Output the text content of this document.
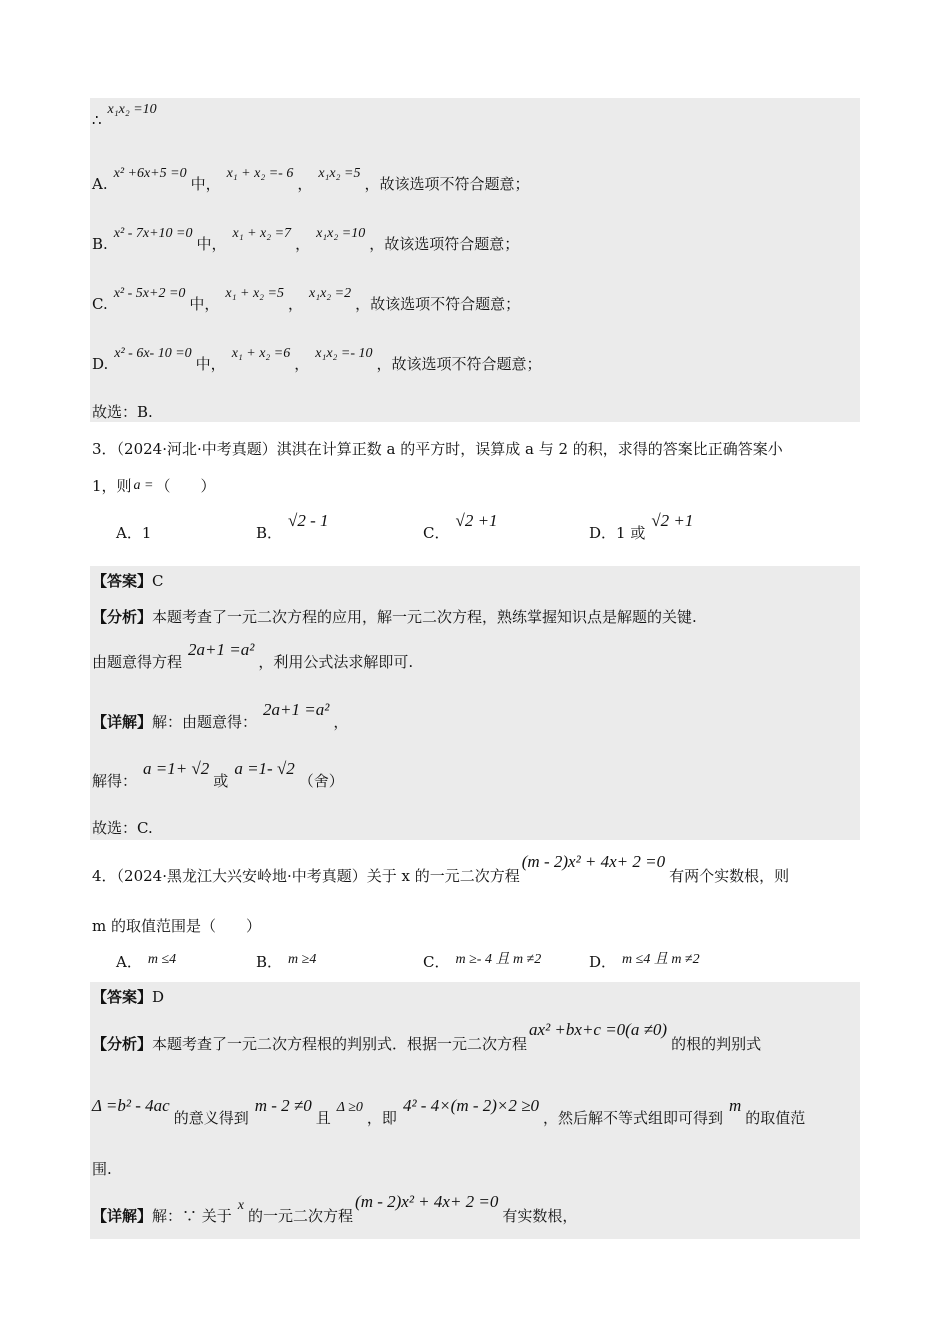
∴x₁x₂ =10
A.x² +6x+5 =0中，x₁ + x₂ =- 6，x₁x₂ =5，故该选项不符合题意；
B.x² - 7x+10 =0中，x₁ + x₂ =7，x₁x₂ =10，故该选项符合题意；
C.x² - 5x+2 =0中，x₁ + x₂ =5，x₁x₂ =2，故该选项不符合题意；
D.x² - 6x- 10 =0中，x₁ + x₂ =6，x₁x₂ =- 10，故该选项不符合题意；
故选：B.
3．（2024·河北·中考真题）淇淇在计算正数 a 的平方时，误算成 a 与 2 的积，求得的答案比正确答案小
1，则 a = （　　）
A．1	B．√2 - 1
C．√2 +1
D．1 或√2 +1
【答案】C
【分析】本题考查了一元二次方程的应用，解一元二次方程，熟练掌握知识点是解题的关键.
由题意得方程2a+1 =a²，利用公式法求解即可.
【详解】解：由题意得：2a+1 =a²，
解得：a =1+ √2或a =1- √2（舍）
故选：C.
4．（2024·黑龙江大兴安岭地·中考真题）关于 x 的一元二次方程(m - 2)x² + 4x+ 2 =0有两个实数根，则
m 的取值范围是（　　）
A． m ≤4	B． m ≥4	C． m ≥- 4 且 m ≠2	D． m ≤4 且 m ≠2
【答案】D
【分析】本题考查了一元二次方程根的判别式．根据一元二次方程ax² +bx+c =0(a ≠0)的根的判别式
Δ =b² - 4ac的意义得到m - 2 ≠0且Δ ≥0，即4² - 4×(m - 2)×2 ≥0，然后解不等式组即可得到m的取值范
围.
【详解】解：∵ 关于x的一元二次方程(m - 2)x² + 4x+ 2 =0有实数根，
